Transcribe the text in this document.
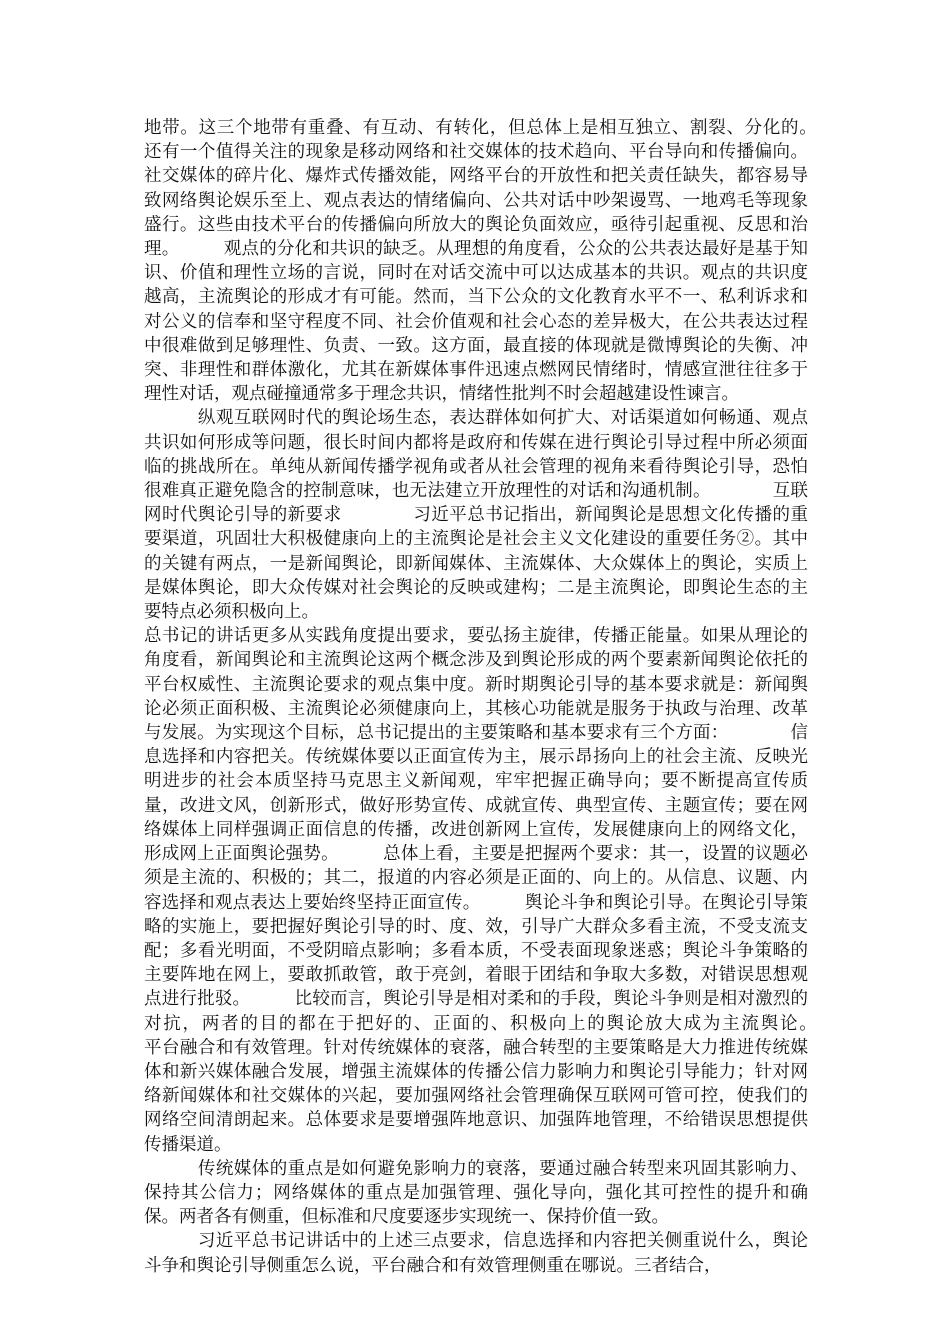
地带。这三个地带有重叠、有互动、有转化，但总体上是相互独立、割裂、分化的。　　　还有一个值得关注的现象是移动网络和社交媒体的技术趋向、平台导向和传播偏向。社交媒体的碎片化、爆炸式传播效能，网络平台的开放性和把关责任缺失，都容易导致网络舆论娱乐至上、观点表达的情绪偏向、公共对话中吵架谩骂、一地鸡毛等现象盛行。这些由技术平台的传播偏向所放大的舆论负面效应，亟待引起重视、反思和治理。　　　观点的分化和共识的缺乏。从理想的角度看，公众的公共表达最好是基于知识、价值和理性立场的言说，同时在对话交流中可以达成基本的共识。观点的共识度越高，主流舆论的形成才有可能。然而，当下公众的文化教育水平不一、私利诉求和对公义的信奉和坚守程度不同、社会价值观和社会心态的差异极大，在公共表达过程中很难做到足够理性、负责、一致。这方面，最直接的体现就是微博舆论的失衡、冲突、非理性和群体激化，尤其在新媒体事件迅速点燃网民情绪时，情感宣泄往往多于理性对话，观点碰撞通常多于理念共识，情绪性批判不时会超越建设性谏言。

　　　纵观互联网时代的舆论场生态，表达群体如何扩大、对话渠道如何畅通、观点共识如何形成等问题，很长时间内都将是政府和传媒在进行舆论引导过程中所必须面临的挑战所在。单纯从新闻传播学视角或者从社会管理的视角来看待舆论引导，恐怕很难真正避免隐含的控制意味，也无法建立开放理性的对话和沟通机制。　　　　互联网时代舆论引导的新要求　　　　习近平总书记指出，新闻舆论是思想文化传播的重要渠道，巩固壮大积极健康向上的主流舆论是社会主义文化建设的重要任务②。其中的关键有两点，一是新闻舆论，即新闻媒体、主流媒体、大众媒体上的舆论，实质上是媒体舆论，即大众传媒对社会舆论的反映或建构；二是主流舆论，即舆论生态的主要特点必须积极向上。

总书记的讲话更多从实践角度提出要求，要弘扬主旋律，传播正能量。如果从理论的角度看，新闻舆论和主流舆论这两个概念涉及到舆论形成的两个要素新闻舆论依托的平台权威性、主流舆论要求的观点集中度。新时期舆论引导的基本要求就是：新闻舆论必须正面积极、主流舆论必须健康向上，其核心功能就是服务于执政与治理、改革与发展。为实现这个目标，总书记提出的主要策略和基本要求有三个方面：　　　　信息选择和内容把关。传统媒体要以正面宣传为主，展示昂扬向上的社会主流、反映光明进步的社会本质坚持马克思主义新闻观，牢牢把握正确导向；要不断提高宣传质量，改进文风，创新形式，做好形势宣传、成就宣传、典型宣传、主题宣传；要在网络媒体上同样强调正面信息的传播，改进创新网上宣传，发展健康向上的网络文化，形成网上正面舆论强势。　　　总体上看，主要是把握两个要求：其一，设置的议题必须是主流的、积极的；其二，报道的内容必须是正面的、向上的。从信息、议题、内容选择和观点表达上要始终坚持正面宣传。　　　舆论斗争和舆论引导。在舆论引导策略的实施上，要把握好舆论引导的时、度、效，引导广大群众多看主流，不受支流支配；多看光明面，不受阴暗点影响；多看本质，不受表面现象迷惑；舆论斗争策略的主要阵地在网上，要敢抓敢管，敢于亮剑，着眼于团结和争取大多数，对错误思想观点进行批驳。　　　比较而言，舆论引导是相对柔和的手段，舆论斗争则是相对激烈的对抗，两者的目的都在于把好的、正面的、积极向上的舆论放大成为主流舆论。　　　平台融合和有效管理。针对传统媒体的衰落，融合转型的主要策略是大力推进传统媒体和新兴媒体融合发展，增强主流媒体的传播公信力影响力和舆论引导能力；针对网络新闻媒体和社交媒体的兴起，要加强网络社会管理确保互联网可管可控，使我们的网络空间清朗起来。总体要求是要增强阵地意识、加强阵地管理，不给错误思想提供传播渠道。

　　　传统媒体的重点是如何避免影响力的衰落，要通过融合转型来巩固其影响力、保持其公信力；网络媒体的重点是加强管理、强化导向，强化其可控性的提升和确保。两者各有侧重，但标准和尺度要逐步实现统一、保持价值一致。

　　　习近平总书记讲话中的上述三点要求，信息选择和内容把关侧重说什么，舆论斗争和舆论引导侧重怎么说，平台融合和有效管理侧重在哪说。三者结合，
